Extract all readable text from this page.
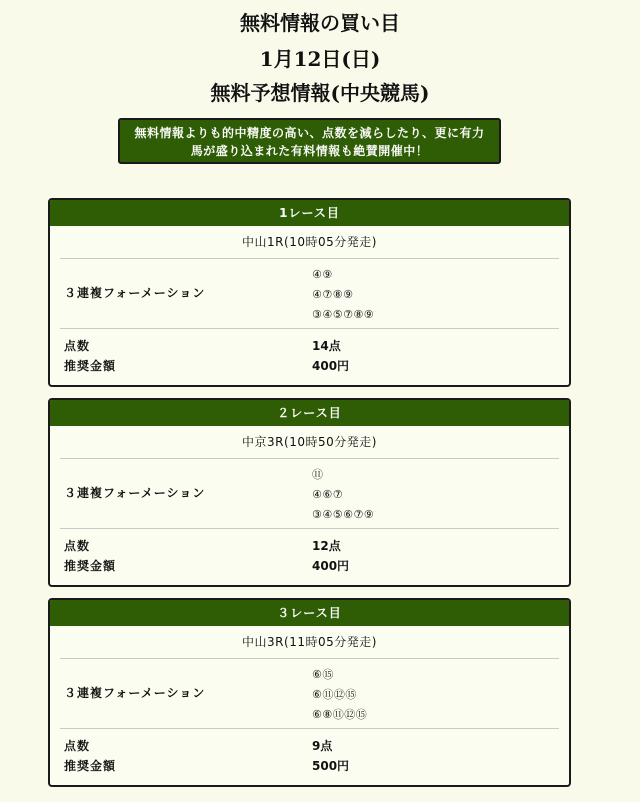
無料情報の買い目
1月12日(日)
無料予想情報(中央競馬)
無料情報よりも的中精度の高い、点数を減らしたり、更に有力
馬が盛り込まれた有料情報も絶賛開催中！
1レース目
中山1R(10時05分発走)
３連複フォーメーション
④⑨
④⑦⑧⑨
③④⑤⑦⑧⑨
点数	14点
推奨金額	400円
２レース目
中京3R(10時50分発走)
３連複フォーメーション
⑪
④⑥⑦
③④⑤⑥⑦⑨
点数	12点
推奨金額	400円
３レース目
中山3R(11時05分発走)
３連複フォーメーション
⑥⑮
⑥⑪⑫⑮
⑥⑧⑪⑫⑮
点数	9点
推奨金額	500円
